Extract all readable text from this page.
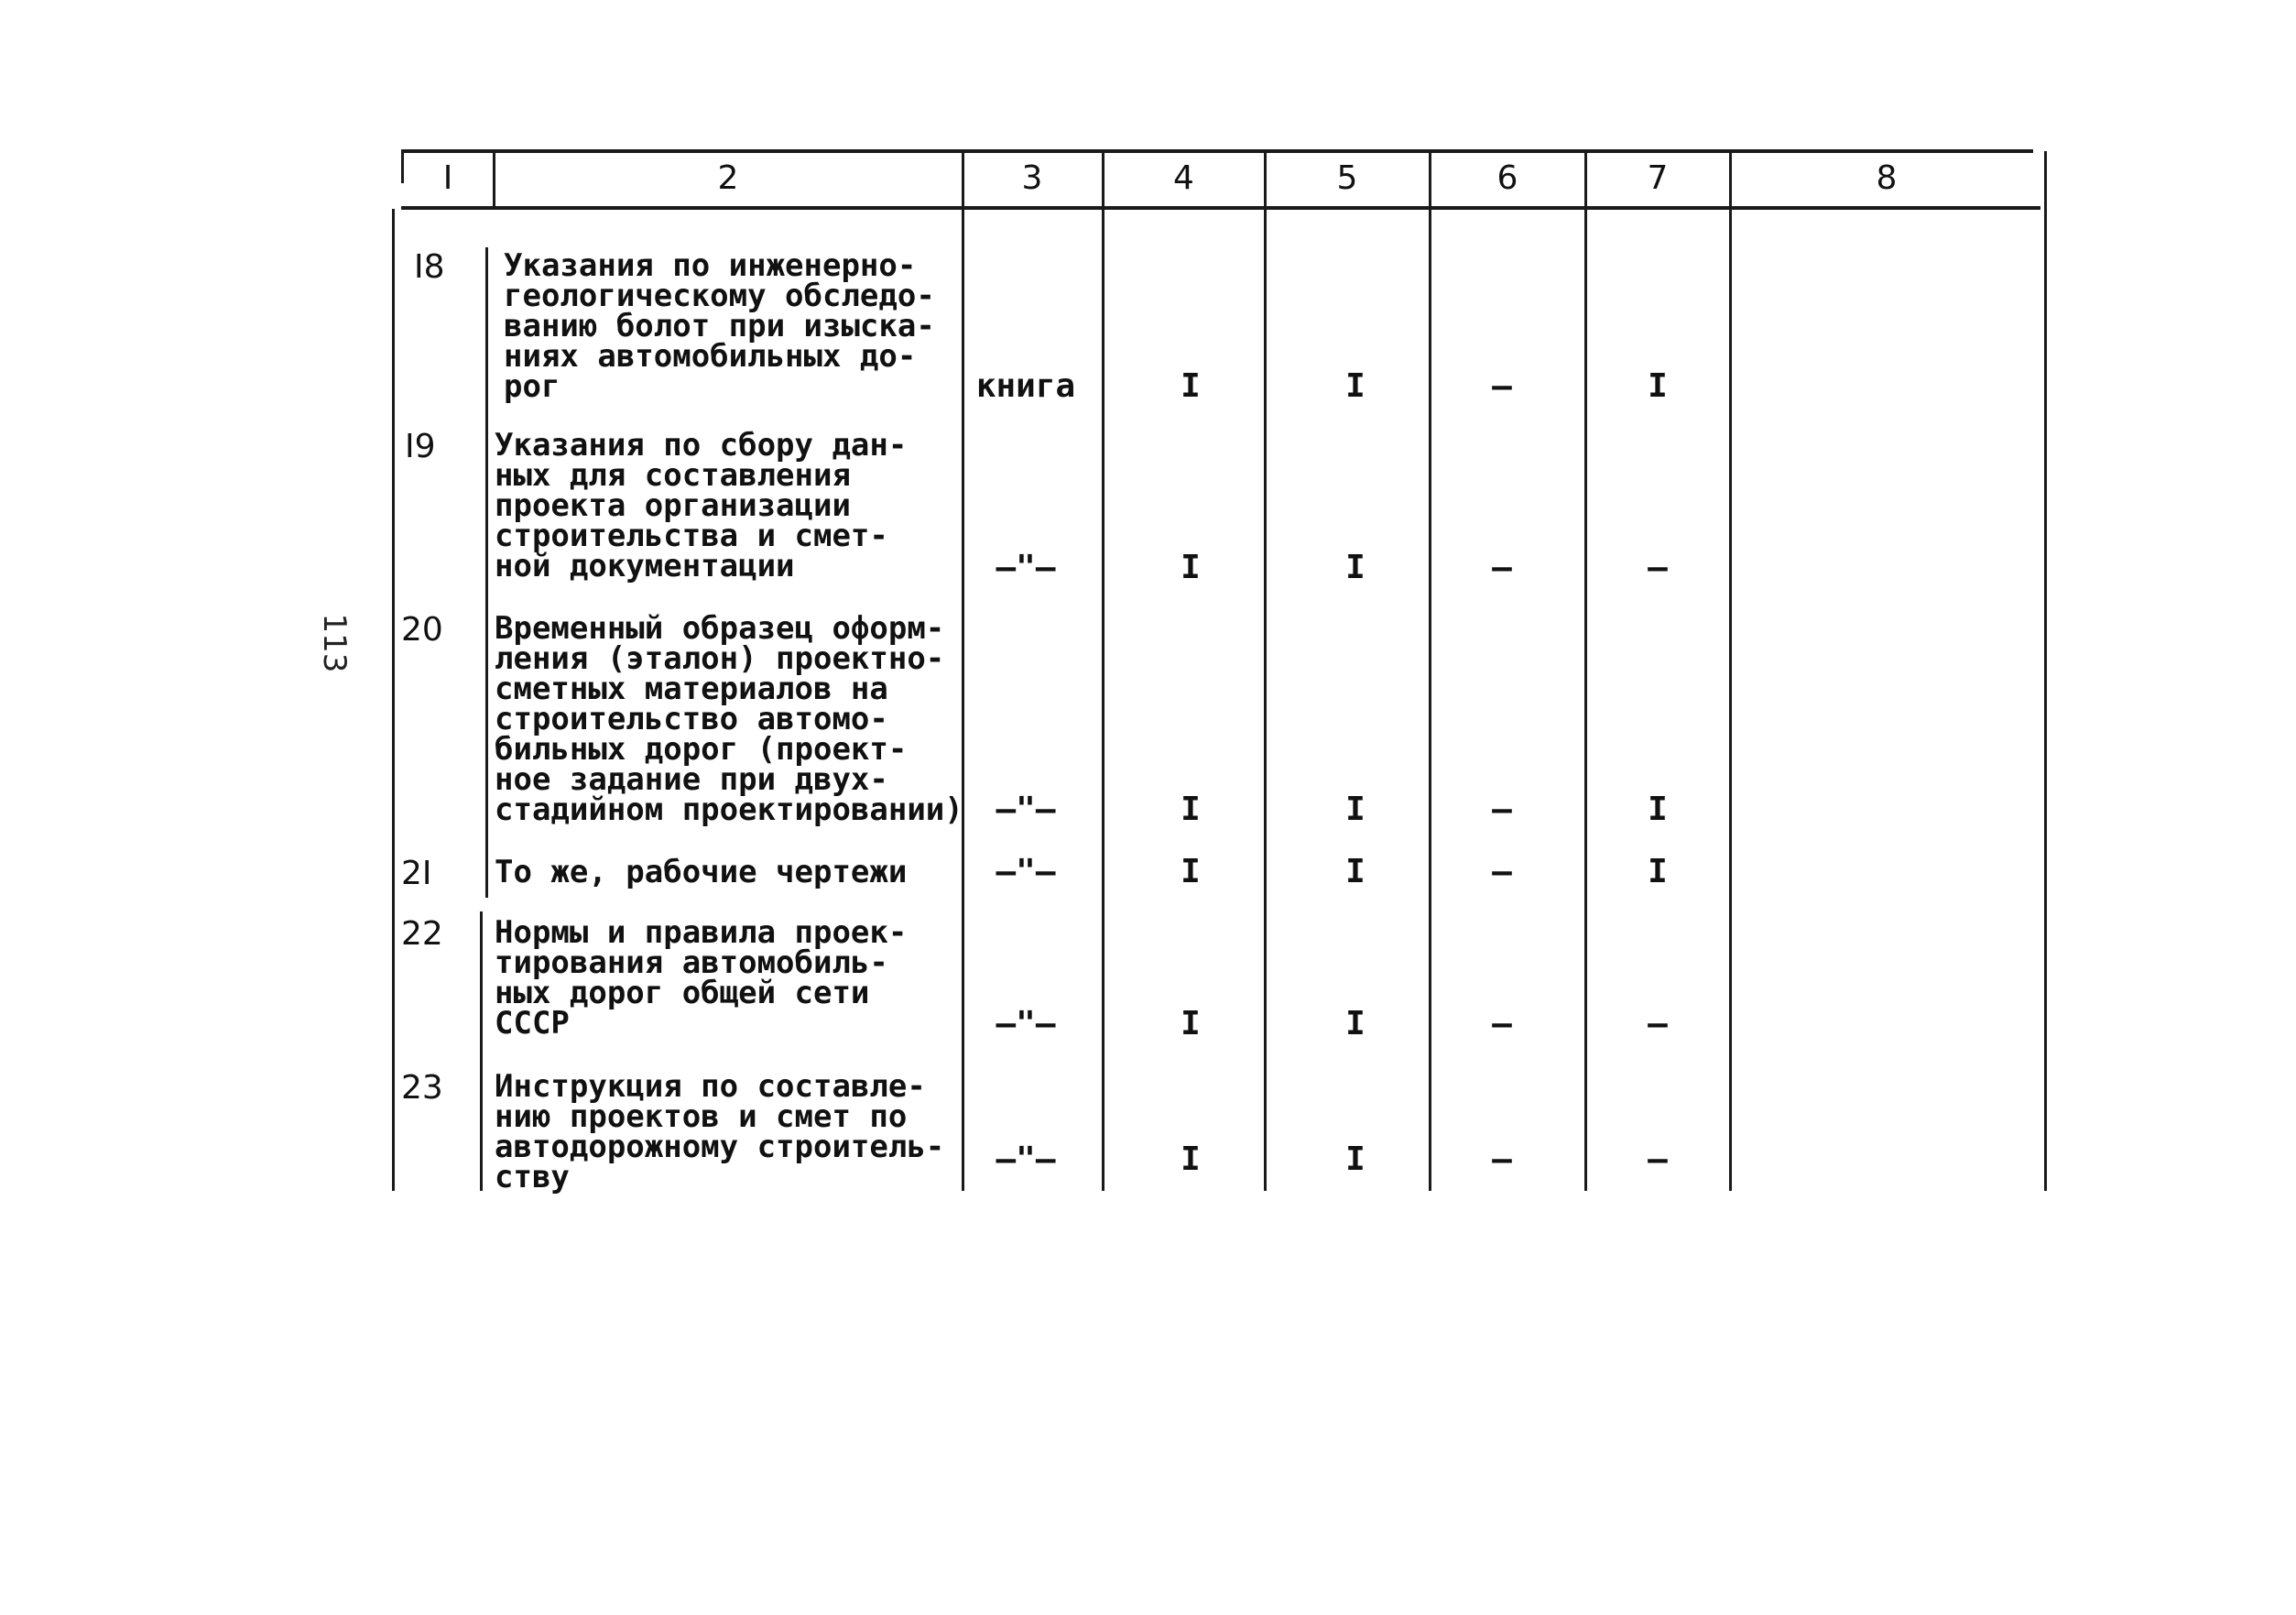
113
I	2	3	4	5	6	7	8
I8	Указания по инженерно-
геологическому обследо-
ванию болот при изыска-
ниях автомобильных до-
рог	книга	I	I	–	I
I9	Указания по сбору дан-
ных для составления
проекта организации
строительства и смет-
ной документации	–"–	I	I	–	–
20	Временный образец оформ-
ления (эталон) проектно-
сметных материалов на
строительство автомо-
бильных дорог (проект-
ное задание при двух-
стадийном проектировании) –"–	I	I	–	I
2I	То же, рабочие чертежи	–"–	I	I	–	I
22	Нормы и правила проек-
тирования автомобиль-
ных дорог общей сети
СССР	–"–	I	I	–	–
23	Инструкция по составле-
нию проектов и смет по
автодорожному строитель-
ству	–"–	I	I	–	–
